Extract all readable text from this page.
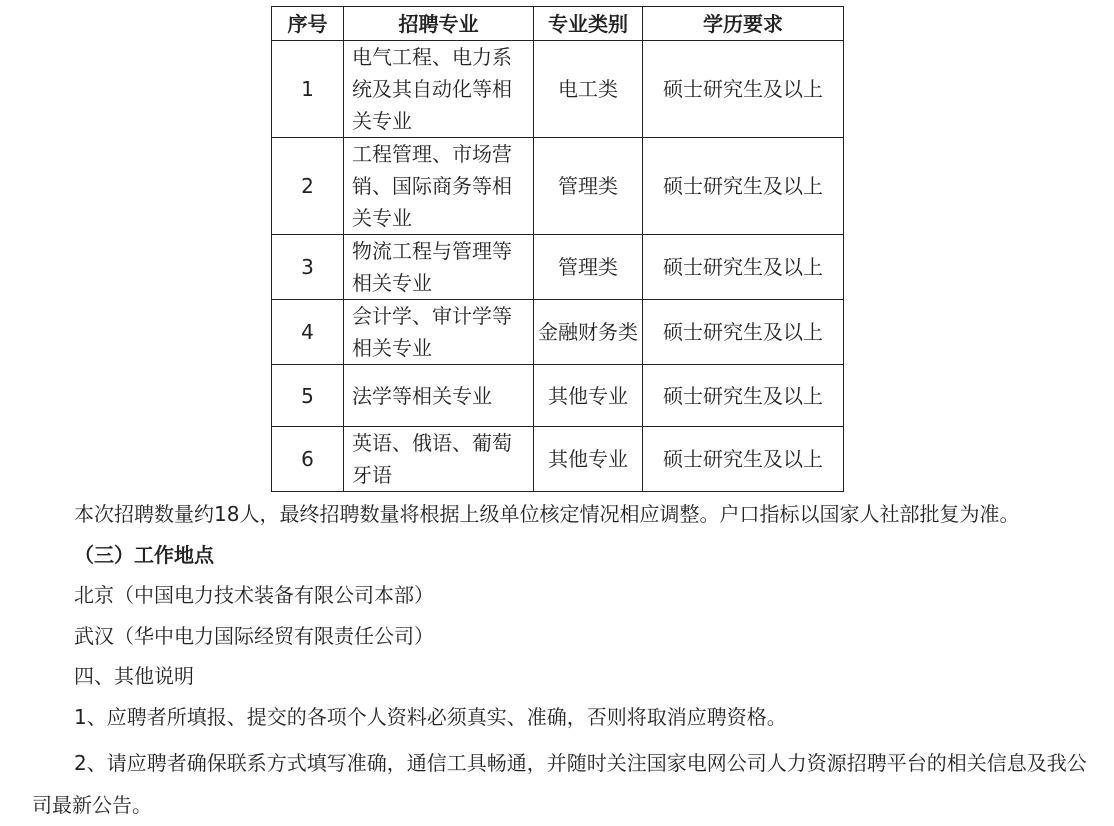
序号	招聘专业	专业类别	学历要求
1	电气工程、电力系统及其自动化等相关专业	电工类	硕士研究生及以上
2	工程管理、市场营销、国际商务等相关专业	管理类	硕士研究生及以上
3	物流工程与管理等相关专业	管理类	硕士研究生及以上
4	会计学、审计学等相关专业	金融财务类	硕士研究生及以上
5	法学等相关专业	其他专业	硕士研究生及以上
6	英语、俄语、葡萄牙语	其他专业	硕士研究生及以上

本次招聘数量约18人，最终招聘数量将根据上级单位核定情况相应调整。户口指标以国家人社部批复为准。

（三）工作地点

北京（中国电力技术装备有限公司本部）

武汉（华中电力国际经贸有限责任公司）

四、其他说明

1、应聘者所填报、提交的各项个人资料必须真实、准确，否则将取消应聘资格。

2、请应聘者确保联系方式填写准确，通信工具畅通，并随时关注国家电网公司人力资源招聘平台的相关信息及我公司最新公告。
